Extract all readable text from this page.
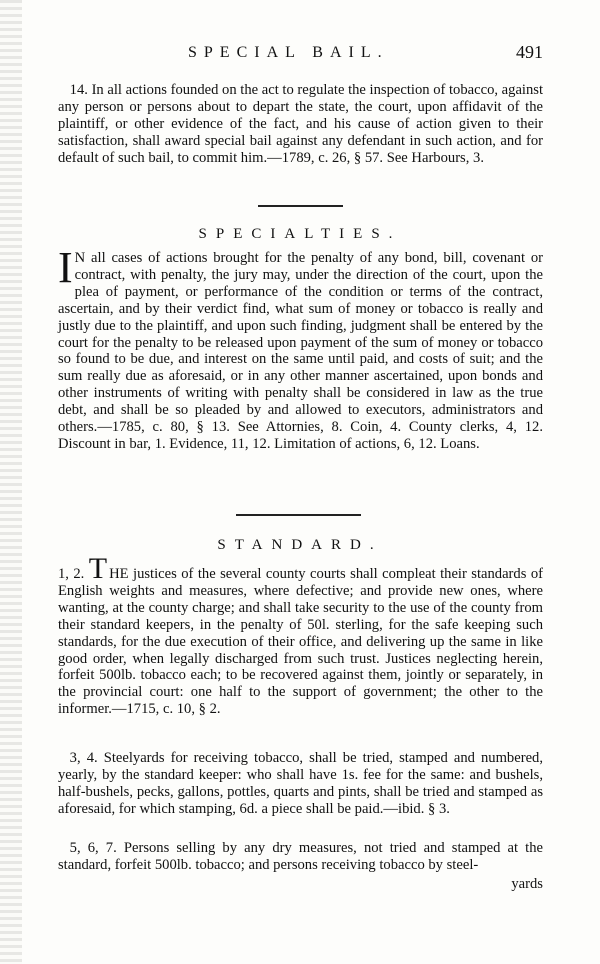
SPECIAL BAIL.	491

14. In all actions founded on the act to regulate the inspection of tobacco, against any person or persons about to depart the state, the court, upon affidavit of the plaintiff, or other evidence of the fact, and his cause of action given to their satisfaction, shall award special bail against any defendant in such action, and for default of such bail, to commit him.—1789, c. 26, § 57. See Harbours, 3.

SPECIALTIES.

I N all cases of actions brought for the penalty of any bond, bill, covenant or contract, with penalty, the jury may, under the direction of the court, upon the plea of payment, or performance of the condition or terms of the contract, ascertain, and by their verdict find, what sum of money or tobacco is really and justly due to the plaintiff, and upon such finding, judgment shall be entered by the court for the penalty to be released upon payment of the sum of money or tobacco so found to be due, and interest on the same until paid, and costs of suit; and the sum really due as aforesaid, or in any other manner ascertained, upon bonds and other instruments of writing with penalty shall be considered in law as the true debt, and shall be so pleaded by and allowed to executors, administrators and others.—1785, c. 80, § 13. See Attornies, 8. Coin, 4. County clerks, 4, 12. Discount in bar, 1. Evidence, 11, 12. Limitation of actions, 6, 12. Loans.

STANDARD.

1, 2. T HE justices of the several county courts shall compleat their standards of English weights and measures, where defective; and provide new ones, where wanting, at the county charge; and shall take security to the use of the county from their standard keepers, in the penalty of 50l. sterling, for the safe keeping such standards, for the due execution of their office, and delivering up the same in like good order, when legally discharged from such trust. Justices neglecting herein, forfeit 500lb. tobacco each; to be recovered against them, jointly or separately, in the provincial court: one half to the support of government; the other to the informer.—1715, c. 10, § 2.

3, 4. Steelyards for receiving tobacco, shall be tried, stamped and numbered, yearly, by the standard keeper: who shall have 1s. fee for the same: and bushels, half-bushels, pecks, gallons, pottles, quarts and pints, shall be tried and stamped as aforesaid, for which stamping, 6d. a piece shall be paid.—ibid. § 3.

5, 6, 7. Persons selling by any dry measures, not tried and stamped at the standard, forfeit 500lb. tobacco; and persons receiving tobacco by steel-

yards
